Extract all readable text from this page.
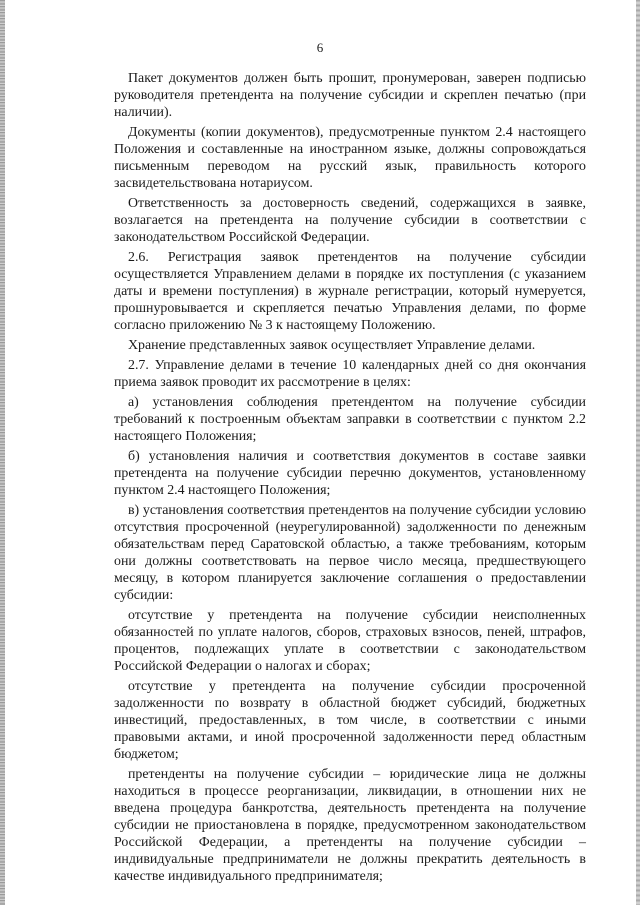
6

Пакет документов должен быть прошит, пронумерован, заверен подписью руководителя претендента на получение субсидии и скреплен печатью (при наличии).

Документы (копии документов), предусмотренные пунктом 2.4 настоящего Положения и составленные на иностранном языке, должны сопровождаться письменным переводом на русский язык, правильность которого засвидетельствована нотариусом.

Ответственность за достоверность сведений, содержащихся в заявке, возлагается на претендента на получение субсидии в соответствии с законодательством Российской Федерации.

2.6. Регистрация заявок претендентов на получение субсидии осуществляется Управлением делами в порядке их поступления (с указанием даты и времени поступления) в журнале регистрации, который нумеруется, прошнуровывается и скрепляется печатью Управления делами, по форме согласно приложению № 3 к настоящему Положению.

Хранение представленных заявок осуществляет Управление делами.

2.7. Управление делами в течение 10 календарных дней со дня окончания приема заявок проводит их рассмотрение в целях:

а) установления соблюдения претендентом на получение субсидии требований к построенным объектам заправки в соответствии с пунктом 2.2 настоящего Положения;

б) установления наличия и соответствия документов в составе заявки претендента на получение субсидии перечню документов, установленному пунктом 2.4 настоящего Положения;

в) установления соответствия претендентов на получение субсидии условию отсутствия просроченной (неурегулированной) задолженности по денежным обязательствам перед Саратовской областью, а также требованиям, которым они должны соответствовать на первое число месяца, предшествующего месяцу, в котором планируется заключение соглашения о предоставлении субсидии:

отсутствие у претендента на получение субсидии неисполненных обязанностей по уплате налогов, сборов, страховых взносов, пеней, штрафов, процентов, подлежащих уплате в соответствии с законодательством Российской Федерации о налогах и сборах;

отсутствие у претендента на получение субсидии просроченной задолженности по возврату в областной бюджет субсидий, бюджетных инвестиций, предоставленных, в том числе, в соответствии с иными правовыми актами, и иной просроченной задолженности перед областным бюджетом;

претенденты на получение субсидии – юридические лица не должны находиться в процессе реорганизации, ликвидации, в отношении них не введена процедура банкротства, деятельность претендента на получение субсидии не приостановлена в порядке, предусмотренном законодательством Российской Федерации, а претенденты на получение субсидии – индивидуальные предприниматели не должны прекратить деятельность в качестве индивидуального предпринимателя;
